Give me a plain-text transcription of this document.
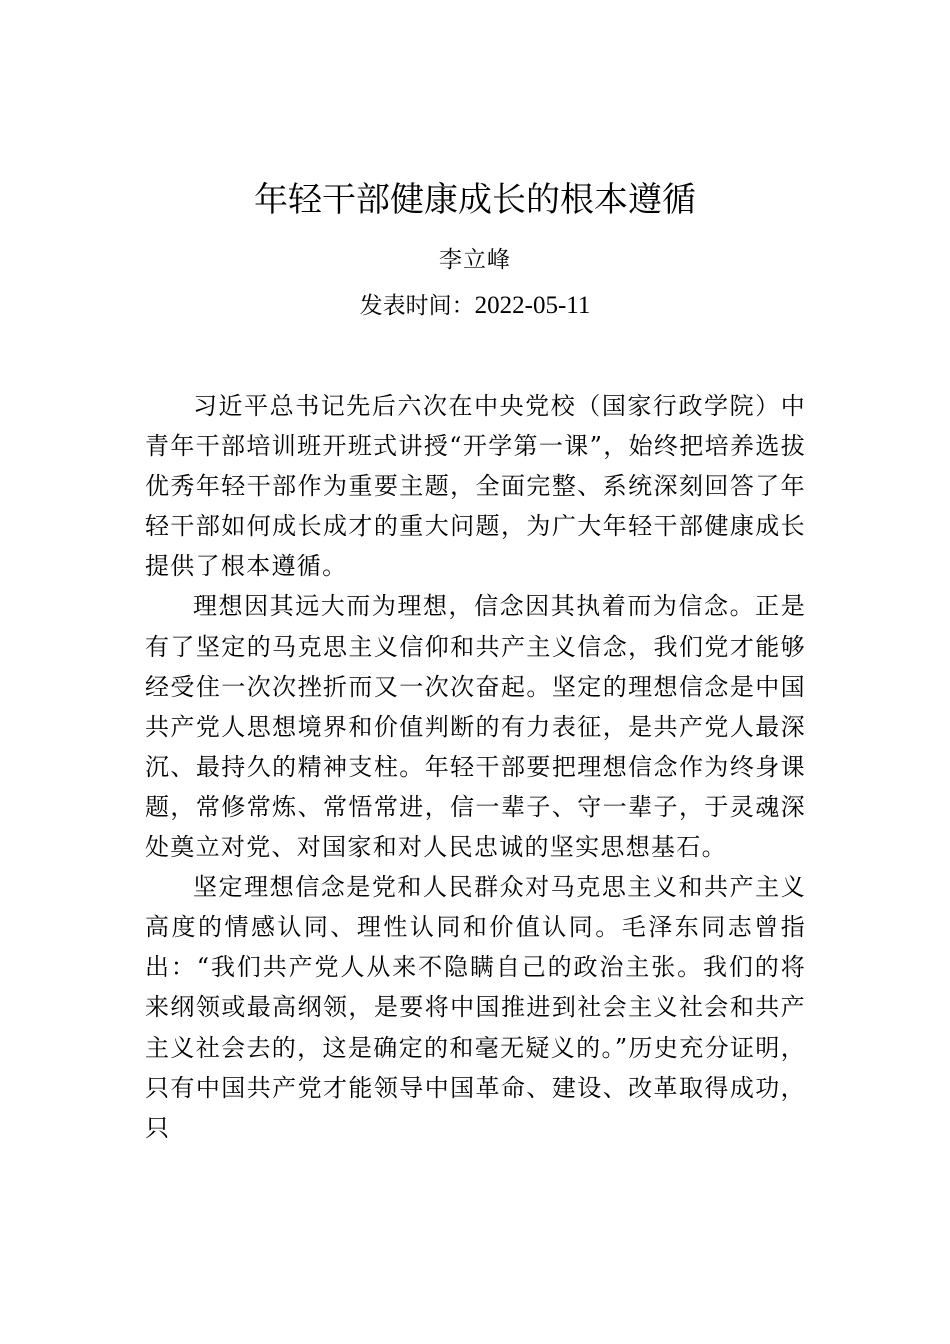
年轻干部健康成长的根本遵循
李立峰
发表时间：2022-05-11

习近平总书记先后六次在中央党校（国家行政学院）中青年干部培训班开班式讲授“开学第一课”，始终把培养选拔优秀年轻干部作为重要主题，全面完整、系统深刻回答了年轻干部如何成长成才的重大问题，为广大年轻干部健康成长提供了根本遵循。

理想因其远大而为理想，信念因其执着而为信念。正是有了坚定的马克思主义信仰和共产主义信念，我们党才能够经受住一次次挫折而又一次次奋起。坚定的理想信念是中国共产党人思想境界和价值判断的有力表征，是共产党人最深沉、最持久的精神支柱。年轻干部要把理想信念作为终身课题，常修常炼、常悟常进，信一辈子、守一辈子，于灵魂深处奠立对党、对国家和对人民忠诚的坚实思想基石。

坚定理想信念是党和人民群众对马克思主义和共产主义高度的情感认同、理性认同和价值认同。毛泽东同志曾指出：“我们共产党人从来不隐瞒自己的政治主张。我们的将来纲领或最高纲领，是要将中国推进到社会主义社会和共产主义社会去的，这是确定的和毫无疑义的。”历史充分证明，只有中国共产党才能领导中国革命、建设、改革取得成功，只
